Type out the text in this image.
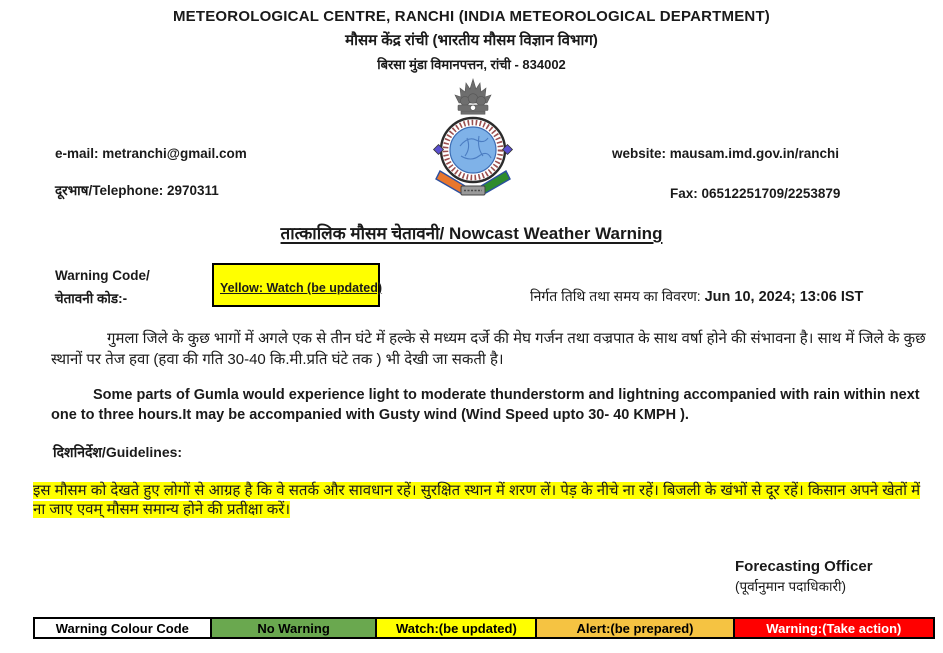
METEOROLOGICAL CENTRE, RANCHI (INDIA METEOROLOGICAL DEPARTMENT)
मौसम केंद्र रांची (भारतीय मौसम विज्ञान विभाग)
बिरसा मुंडा विमानपत्तन, रांची - 834002
e-mail: metranchi@gmail.com	website: mausam.imd.gov.in/ranchi
दूरभाष/Telephone: 2970311	Fax: 06512251709/2253879
तात्कालिक मौसम चेतावनी/ Nowcast Weather Warning
Warning Code/
चेतावनी कोड:-
Yellow: Watch (be updated)	निर्गत तिथि तथा समय का विवरण: Jun 10, 2024; 13:06 IST
गुमला जिले के कुछ भागों में अगले एक से तीन घंटे में हल्के से मध्यम दर्जे की मेघ गर्जन तथा वज्रपात के साथ वर्षा होने की संभावना है। साथ में जिले के कुछ स्थानों पर तेज हवा (हवा की गति 30-40 कि.मी.प्रति घंटे तक ) भी देखी जा सकती है।
Some parts of Gumla would experience light to moderate thunderstorm and lightning accompanied with rain within next one to three hours.It may be accompanied with Gusty wind (Wind Speed upto 30- 40 KMPH ).
दिशनिर्देश/Guidelines:
इस मौसम को देखते हुए लोगों से आग्रह है कि वे सतर्क और सावधान रहें। सुरक्षित स्थान में शरण लें। पेड़ के नीचे ना रहें। बिजली के खंभों से दूर रहें। किसान अपने खेतों में ना जाए एवम् मौसम समान्य होने की प्रतीक्षा करें।
Forecasting Officer
(पूर्वानुमान पदाधिकारी)
Warning Colour Code	No Warning	Watch:(be updated)	Alert:(be prepared)	Warning:(Take action)
